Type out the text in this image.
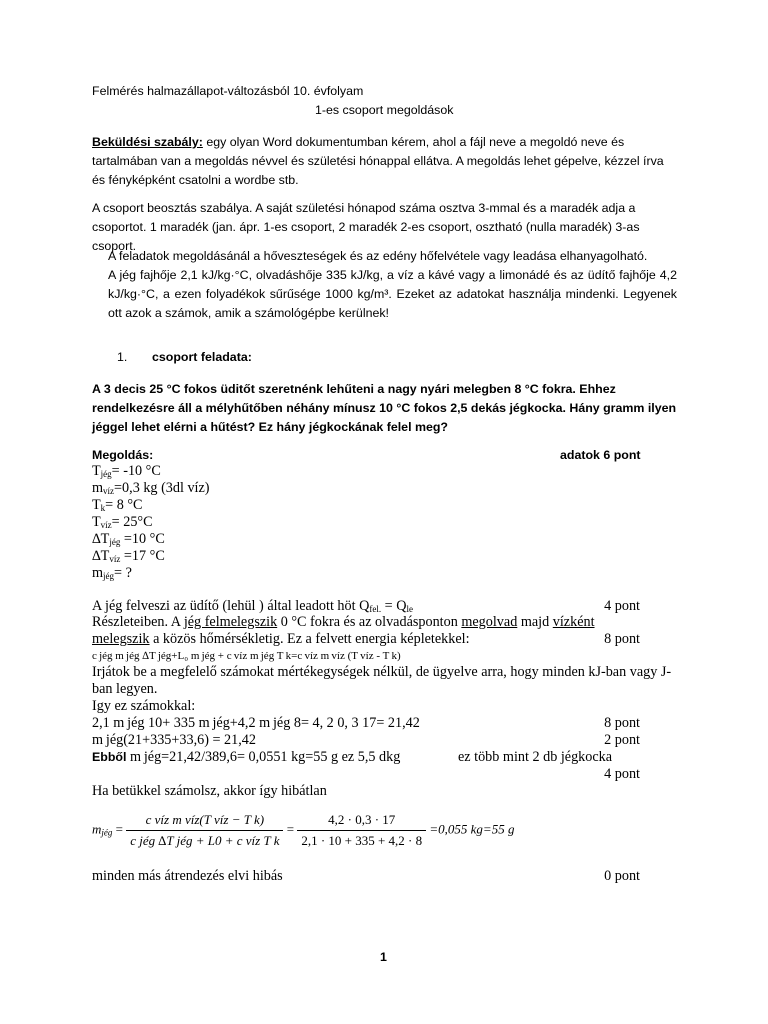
Felmérés halmazállapot-változásból 10. évfolyam
1-es csoport megoldások
Beküldési szabály: egy olyan Word dokumentumban kérem, ahol a fájl neve a megoldó neve és tartalmában van a megoldás névvel és születési hónappal ellátva. A megoldás lehet gépelve, kézzel írva és fényképként csatolni a wordbe stb.
A csoport beosztás szabálya. A saját születési hónapod száma osztva 3-mmal és a maradék adja a csoportot. 1 maradék (jan. ápr. 1-es csoport, 2 maradék 2-es csoport, osztható (nulla maradék) 3-as csoport.
A feladatok megoldásánál a hőveszteségek és az edény hőfelvétele vagy leadása elhanyagolható.
A jég fajhője 2,1 kJ/kg·°C, olvadáshője 335 kJ/kg, a víz a kávé vagy a limonádé és az üdítő fajhője 4,2 kJ/kg·°C, a ezen folyadékok sűrűsége 1000 kg/m³. Ezeket az adatokat használja mindenki. Legyenek ott azok a számok, amik a számológépbe kerülnek!
1. csoport feladata:
A 3 decis 25 °C fokos üditőt szeretnénk lehűteni a nagy nyári melegben 8 °C fokra. Ehhez rendelkezésre áll a mélyhűtőben néhány mínusz 10 °C fokos 2,5 dekás jégkocka. Hány gramm ilyen jéggel lehet elérni a hűtést? Ez hány jégkockának felel meg?
Megoldás:	adatok 6 pont
$T_{jég}= -10$ °C
$m_{víz}=0,3$ kg (3dl víz)
$T_k= 8$ °C
$T_{víz}= 25^\circ C$
$\Delta T_{jég} =10$ °C
$\Delta T_{víz} =17$ °C
$m_{jég}=$ ?
A jég felveszi az üdítő (lehül ) által leadott höt $Q_{fel.} = Q_{le}$	4 pont
Részleteiben. A jég felmelegszik 0 °C fokra és az olvadásponton megolvad majd vízként
melegszik a közös hőmérsékletig. Ez a felvett energia képletekkel:	8 pont
c jég m jég ∆T jég+L₀ m jég + c víz m jég T k=c víz m víz (T víz - T k)
Irjátok be a megfelelő számokat mértékegységek nélkül, de ügyelve arra, hogy minden kJ-ban vagy J-ban legyen.
Igy ez számokkal:
2,1 m jég 10+ 335 m jég+4,2 m jég 8= 4, 2 0, 3 17= 21,42	8 pont
m jég(21+335+33,6) = 21,42	2 pont
Ebből m jég=21,42/389,6= 0,0551 kg=55 g ez 5,5 dkg	ez több mint 2 db jégkocka
4 pont
Ha betükkel számolsz, akkor így hibátlan
$m_{jég} = \frac{\text{c víz m víz(T víz − T k)}}{\text{c jég ∆T jég + L0 + c víz T k}} = \frac{4,2 \cdot 0,3 \cdot 17}{2,1 \cdot 10 + 335 + 4,2 \cdot 8} =0,055$ kg=55 g
minden más átrendezés elvi hibás	0 pont
1
